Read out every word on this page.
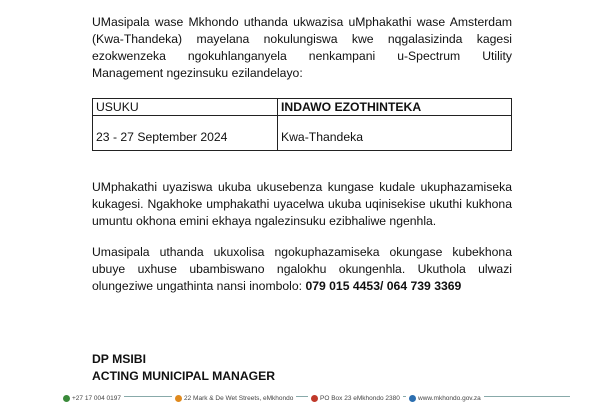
UMasipala wase Mkhondo uthanda ukwazisa uMphakathi wase Amsterdam (Kwa-Thandeka) mayelana nokulungiswa kwe nqgalasizinda kagesi ezokwenzeka ngokuhlanganyela nenkampani u-Spectrum Utility Management ngezinsuku ezilandelayo:

USUKU	INDAWO EZOTHINTEKA
23 - 27 September 2024	Kwa-Thandeka

UMphakathi uyaziswa ukuba ukusebenza kungase kudale ukuphazamiseka kukagesi. Ngakhoke umphakathi uyacelwa ukuba uqinisekise ukuthi kukhona umuntu okhona emini ekhaya ngalezinsuku ezibhaliwe ngenhla.

Umasipala uthanda ukuxolisa ngokuphazamiseka okungase kubekhona ubuye uxhuse ubambiswano ngalokhu okungenhla. Ukuthola ulwazi olungeziwe ungathinta nansi inombolo: 079 015 4453/ 064 739 3369

DP MSIBI
ACTING MUNICIPAL MANAGER
+27 17 004 0197	22 Mark & De Wet Streets, eMkhondo	PO Box 23 eMkhondo 2380	www.mkhondo.gov.za
